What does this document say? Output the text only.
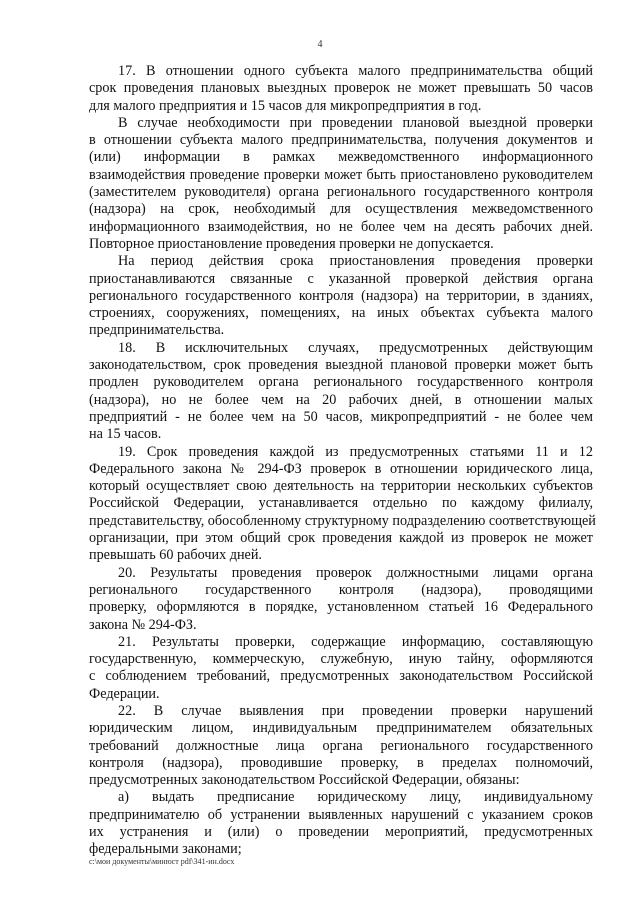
4
17. В отношении одного субъекта малого предпринимательства общий
срок проведения плановых выездных проверок не может превышать 50 часов
для малого предприятия и 15 часов для микропредприятия в год.
В случае необходимости при проведении плановой выездной проверки
в отношении субъекта малого предпринимательства, получения документов и
(или) информации в рамках межведомственного информационного
взаимодействия проведение проверки может быть приостановлено руководителем
(заместителем руководителя) органа регионального государственного контроля
(надзора) на срок, необходимый для осуществления межведомственного
информационного взаимодействия, но не более чем на десять рабочих дней.
Повторное приостановление проведения проверки не допускается.
На период действия срока приостановления проведения проверки
приостанавливаются связанные с указанной проверкой действия органа
регионального государственного контроля (надзора) на территории, в зданиях,
строениях, сооружениях, помещениях, на иных объектах субъекта малого
предпринимательства.
18. В исключительных случаях, предусмотренных действующим
законодательством, срок проведения выездной плановой проверки может быть
продлен руководителем органа регионального государственного контроля
(надзора), но не более чем на 20 рабочих дней, в отношении малых
предприятий - не более чем на 50 часов, микропредприятий - не более чем
на 15 часов.
19. Срок проведения каждой из предусмотренных статьями 11 и 12
Федерального закона № 294-ФЗ проверок в отношении юридического лица,
который осуществляет свою деятельность на территории нескольких субъектов
Российской Федерации, устанавливается отдельно по каждому филиалу,
представительству, обособленному структурному подразделению соответствующей
организации, при этом общий срок проведения каждой из проверок не может
превышать 60 рабочих дней.
20. Результаты проведения проверок должностными лицами органа
регионального государственного контроля (надзора), проводящими
проверку, оформляются в порядке, установленном статьей 16 Федерального
закона № 294-ФЗ.
21. Результаты проверки, содержащие информацию, составляющую
государственную, коммерческую, служебную, иную тайну, оформляются
с соблюдением требований, предусмотренных законодательством Российской
Федерации.
22. В случае выявления при проведении проверки нарушений
юридическим лицом, индивидуальным предпринимателем обязательных
требований должностные лица органа регионального государственного
контроля (надзора), проводившие проверку, в пределах полномочий,
предусмотренных законодательством Российской Федерации, обязаны:
а) выдать предписание юридическому лицу, индивидуальному
предпринимателю об устранении выявленных нарушений с указанием сроков
их устранения и (или) о проведении мероприятий, предусмотренных
федеральными законами;
c:\мои документы\минюст pdf\341-ин.docx
